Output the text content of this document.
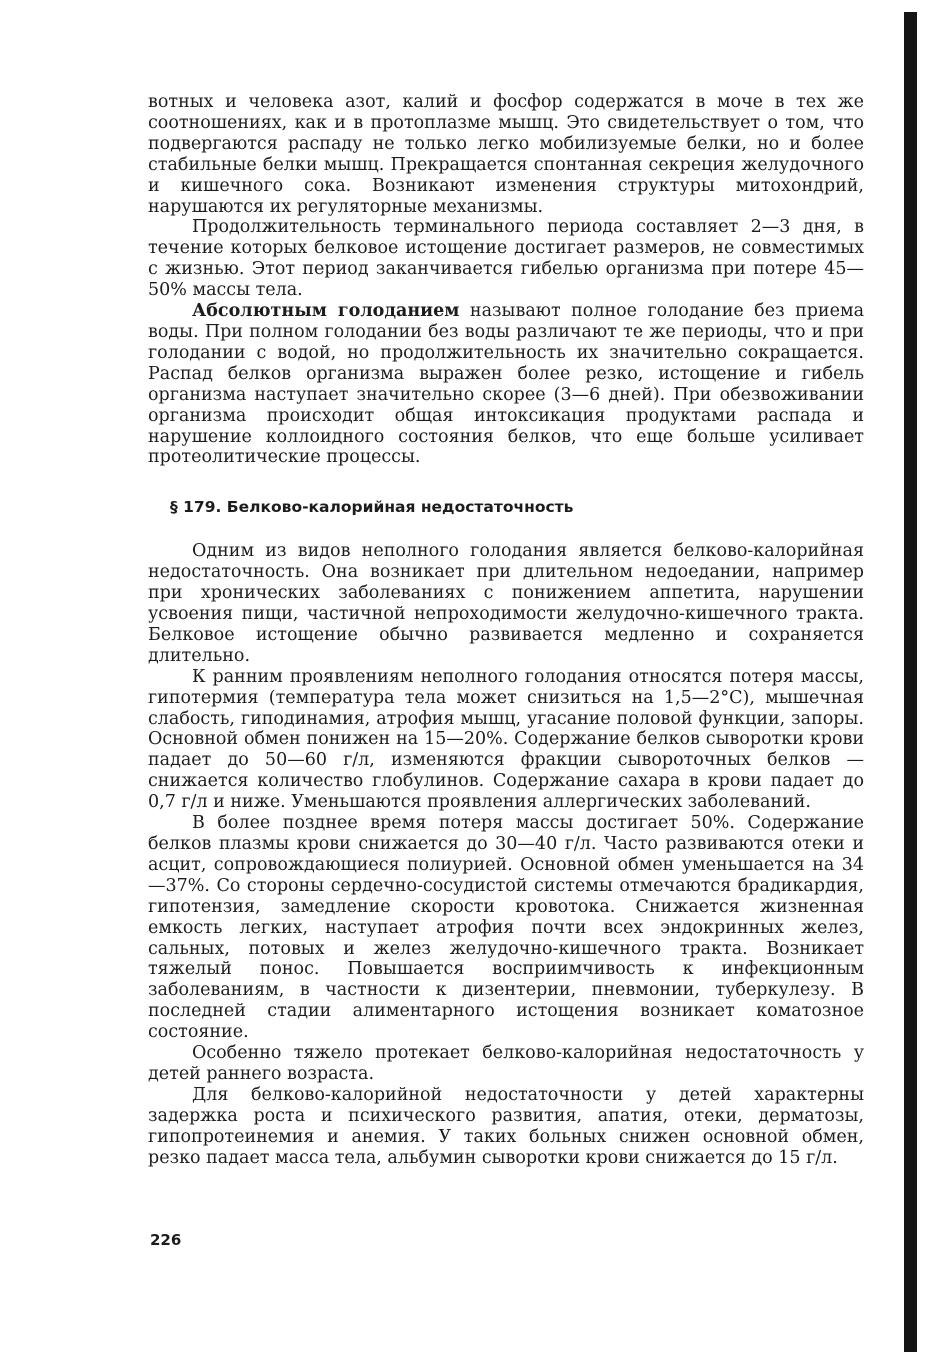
вотных и человека азот, калий и фосфор содержатся в моче в тех же соотношениях, как и в протоплазме мышц. Это свидетельствует о том, что подвергаются распаду не только легко мобилизуемые белки, но и более стабильные белки мышц. Прекращается спонтанная секреция желудочного и кишечного сока. Возникают изменения структуры митохондрий, нарушаются их регуляторные механизмы.

Продолжительность терминального периода составляет 2—3 дня, в течение которых белковое истощение достигает размеров, не совместимых с жизнью. Этот период заканчивается гибелью организма при потере 45—50% массы тела.

Абсолютным голоданием называют полное голодание без приема воды. При полном голодании без воды различают те же периоды, что и при голодании с водой, но продолжительность их значительно сокращается. Распад белков организма выражен более резко, истощение и гибель организма наступает значительно скорее (3—6 дней). При обезвоживании организма происходит общая интоксикация продуктами распада и нарушение коллоидного состояния белков, что еще больше усиливает протеолитические процессы.

§ 179. Белково-калорийная недостаточность

Одним из видов неполного голодания является белково-калорийная недостаточность. Она возникает при длительном недоедании, например при хронических заболеваниях с понижением аппетита, нарушении усвоения пищи, частичной непроходимости желудочно-кишечного тракта. Белковое истощение обычно развивается медленно и сохраняется длительно.

К ранним проявлениям неполного голодания относятся потеря массы, гипотермия (температура тела может снизиться на 1,5—2°C), мышечная слабость, гиподинамия, атрофия мышц, угасание половой функции, запоры. Основной обмен понижен на 15—20%. Содержание белков сыворотки крови падает до 50—60 г/л, изменяются фракции сывороточных белков — снижается количество глобулинов. Содержание сахара в крови падает до 0,7 г/л и ниже. Уменьшаются проявления аллергических заболеваний.

В более позднее время потеря массы достигает 50%. Содержание белков плазмы крови снижается до 30—40 г/л. Часто развиваются отеки и асцит, сопровождающиеся полиурией. Основной обмен уменьшается на 34—37%. Со стороны сердечно-сосудистой системы отмечаются брадикардия, гипотензия, замедление скорости кровотока. Снижается жизненная емкость легких, наступает атрофия почти всех эндокринных желез, сальных, потовых и желез желудочно-кишечного тракта. Возникает тяжелый понос. Повышается восприимчивость к инфекционным заболеваниям, в частности к дизентерии, пневмонии, туберкулезу. В последней стадии алиментарного истощения возникает коматозное состояние.

Особенно тяжело протекает белково-калорийная недостаточность у детей раннего возраста.

Для белково-калорийной недостаточности у детей характерны задержка роста и психического развития, апатия, отеки, дерматозы, гипопротеинемия и анемия. У таких больных снижен основной обмен, резко падает масса тела, альбумин сыворотки крови снижается до 15 г/л.

226
